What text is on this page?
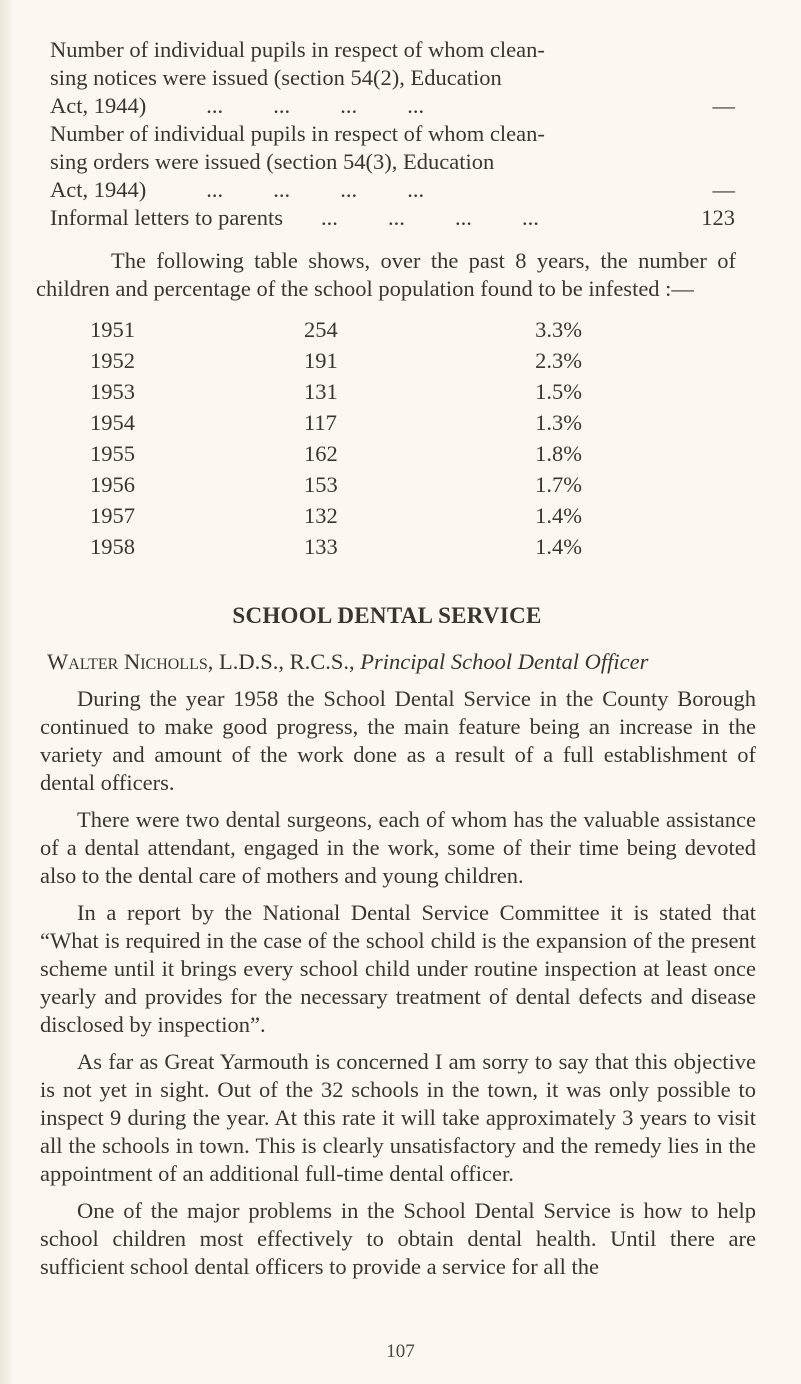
Number of individual pupils in respect of whom clean-
sing notices were issued (section 54(2), Education
Act, 1944)	...	...	...	...	—
Number of individual pupils in respect of whom clean-
sing orders were issued (section 54(3), Education
Act, 1944)	...	...	...	...	—
Informal letters to parents ...	...	...	...	123

The following table shows, over the past 8 years, the number of children and percentage of the school population found to be infested :—

1951	254	3.3%
1952	191	2.3%
1953	131	1.5%
1954	117	1.3%
1955	162	1.8%
1956	153	1.7%
1957	132	1.4%
1958	133	1.4%
SCHOOL DENTAL SERVICE
Walter Nicholls, L.D.S., R.C.S., Principal School Dental Officer

During the year 1958 the School Dental Service in the County Borough continued to make good progress, the main feature being an increase in the variety and amount of the work done as a result of a full establishment of dental officers.

There were two dental surgeons, each of whom has the valuable assistance of a dental attendant, engaged in the work, some of their time being devoted also to the dental care of mothers and young children.

In a report by the National Dental Service Committee it is stated that “What is required in the case of the school child is the expansion of the present scheme until it brings every school child under routine inspection at least once yearly and provides for the necessary treatment of dental defects and disease disclosed by inspection”.

As far as Great Yarmouth is concerned I am sorry to say that this objective is not yet in sight. Out of the 32 schools in the town, it was only possible to inspect 9 during the year. At this rate it will take approximately 3 years to visit all the schools in town. This is clearly unsatisfactory and the remedy lies in the appointment of an additional full-time dental officer.

One of the major problems in the School Dental Service is how to help school children most effectively to obtain dental health. Until there are sufficient school dental officers to provide a service for all the

107
